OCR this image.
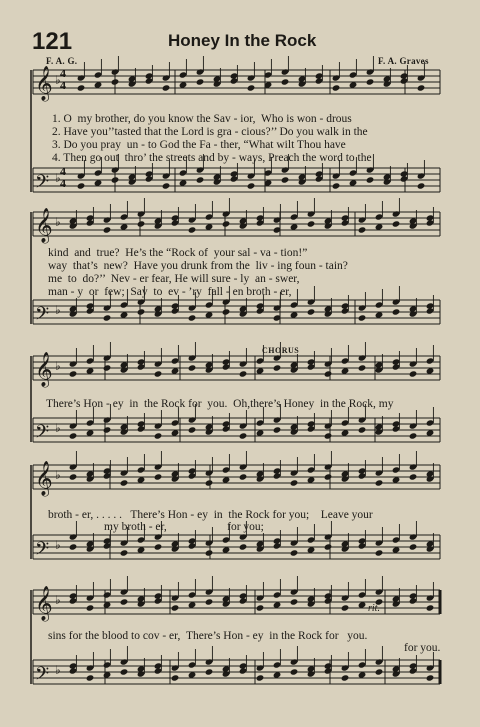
121	Honey In the Rock
F. A. G.	F. A. Graves
𝄞 ♭
𝄢 ♭
𝄞 ♭
𝄢 ♭
𝄞 ♭
𝄢 ♭
𝄞 ♭
𝄢 ♭
𝄞 ♭
𝄢 ♭
4
4
4
4
1. O  my brother, do you know the Sav - ior,  Who is won - drous
2. Have you’’tasted that the Lord is gra - cious?’’ Do you walk in the
3. Do you pray  un - to God the Fa - ther, “What wilt Thou have
4. Then go out  thro’ the streets and by - ways, Preach the word to the
kind  and  true?  He’s the “Rock of  your sal - va - tion!”
way  that’s  new?  Have you drunk from the  liv - ing foun - tain?
me  to  do?’’  Nev - er fear, He will sure - ly  an - swer,
man - y  or  few;  Say  to  ev - ’ry  fall - en broth - er,
CHORUS
There’s Hon - ey  in  the Rock for  you.  Oh,there’s Honey  in the Rock, my
broth - er, . . . . .   There’s Hon - ey  in  the Rock for you;    Leave your
my broth - er,                     for you;
rit.
sins for the blood to cov - er,  There’s Hon - ey  in the Rock for   you.
for you.
